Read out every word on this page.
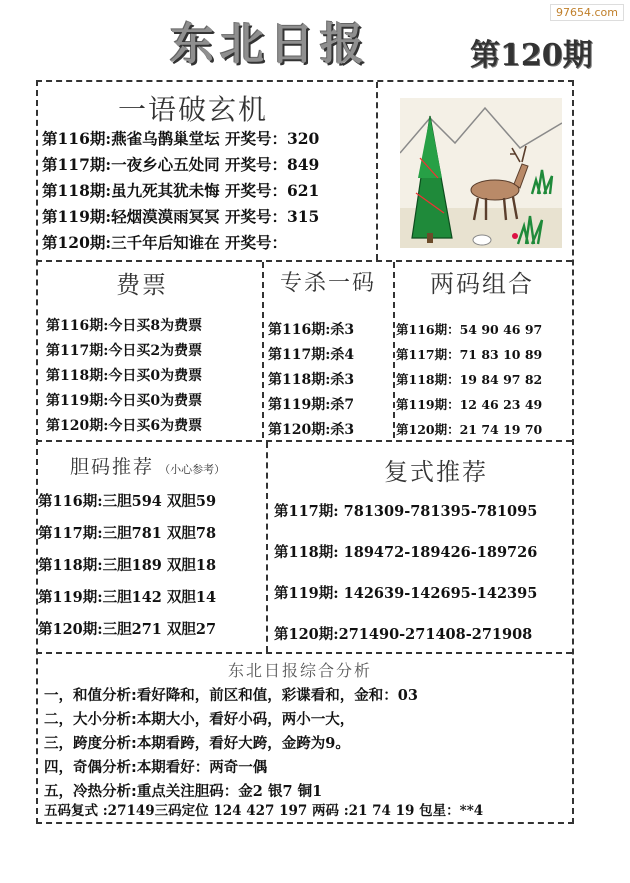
97654.com
东北日报	第120期
一语破玄机
第116期:燕雀乌鹊巢堂坛 开奖号：320
第117期:一夜乡心五处同 开奖号：849
第118期:虽九死其犹未悔 开奖号：621
第119期:轻烟漠漠雨冥冥 开奖号：315
第120期:三千年后知谁在 开奖号：
费票
第116期:今日买8为费票
第117期:今日买2为费票
第118期:今日买0为费票
第119期:今日买0为费票
第120期:今日买6为费票
专杀一码
第116期:杀3
第117期:杀4
第118期:杀3
第119期:杀7
第120期:杀3
两码组合
第116期：54 90 46 97
第117期：71 83 10 89
第118期：19 84 97 82
第119期：12 46 23 49
第120期：21 74 19 70
胆码推荐 （小心参考）
第116期:三胆594 双胆59
第117期:三胆781 双胆78
第118期:三胆189 双胆18
第119期:三胆142 双胆14
第120期:三胆271 双胆27
复式推荐
第117期: 781309-781395-781095
第118期: 189472-189426-189726
第119期: 142639-142695-142395
第120期:271490-271408-271908
东北日报综合分析
一，和值分析:看好降和，前区和值，彩谍看和，金和：03
二，大小分析:本期大小，看好小码，两小一大，
三，跨度分析:本期看跨，看好大跨，金跨为9。
四，奇偶分析:本期看好：两奇一偶
五，冷热分析:重点关注胆码：金2 银7 铜1
五码复式 :27149三码定位 124 427 197 两码 :21 74 19 包星：**4
